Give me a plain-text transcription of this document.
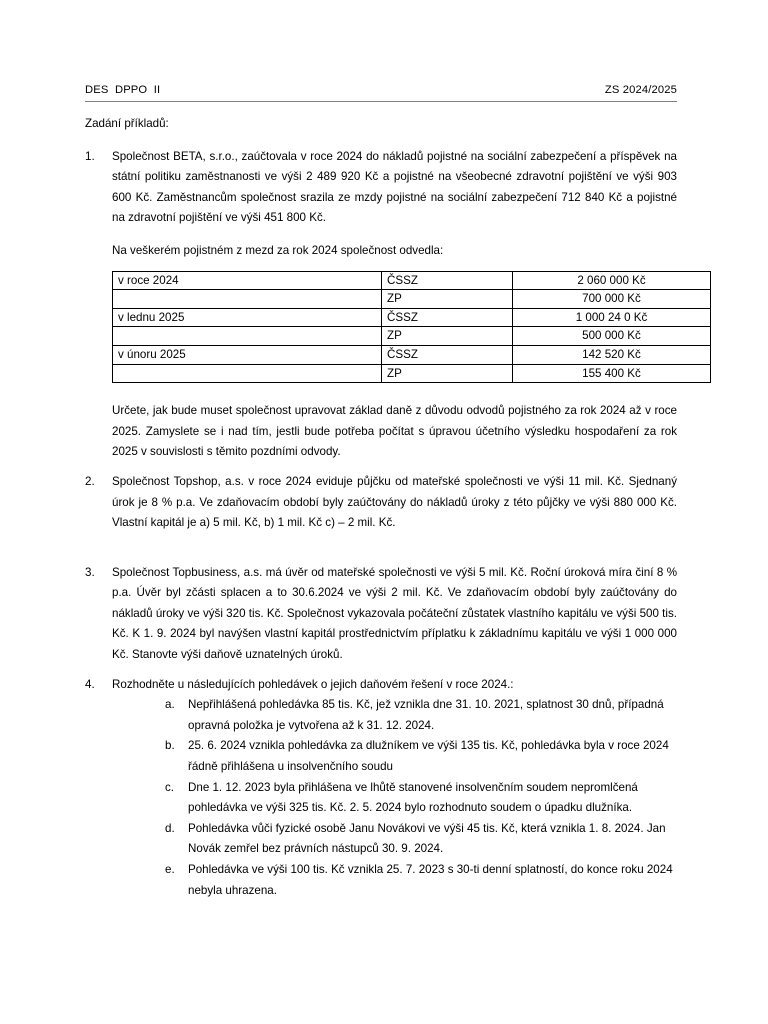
DES  DPPO  II	ZS 2024/2025

Zadání příkladů:

1.	Společnost BETA, s.r.o., zaúčtovala v roce 2024 do nákladů pojistné na sociální zabezpečení a příspěvek na státní politiku zaměstnanosti ve výši 2 489 920 Kč a pojistné na všeobecné zdravotní pojištění ve výši 903 600 Kč. Zaměstnancům společnost srazila ze mzdy pojistné na sociální zabezpečení 712 840 Kč a pojistné na zdravotní pojištění ve výši 451 800 Kč.
Na veškerém pojistném z mezd za rok 2024 společnost odvedla:
v roce 2024	ČSSZ	2 060 000 Kč
	ZP	700 000 Kč
v lednu 2025	ČSSZ	1 000 24 0 Kč
	ZP	500 000 Kč
v únoru 2025	ČSSZ	142 520 Kč
	ZP	155 400 Kč
Určete, jak bude muset společnost upravovat základ daně z důvodu odvodů pojistného za rok 2024 až v roce 2025. Zamyslete se i nad tím, jestli bude potřeba počítat s úpravou účetního výsledku hospodaření za rok 2025 v souvislosti s těmito pozdními odvody.
2.	Společnost Topshop, a.s. v roce 2024 eviduje půjčku od mateřské společnosti ve výši 11 mil. Kč. Sjednaný úrok je 8 % p.a. Ve zdaňovacím období byly zaúčtovány do nákladů úroky z této půjčky ve výši 880 000 Kč. Vlastní kapitál je a) 5 mil. Kč, b) 1 mil. Kč c) – 2 mil. Kč.
3.	Společnost Topbusiness, a.s. má úvěr od mateřské společnosti ve výši 5 mil. Kč. Roční úroková míra činí 8 % p.a. Úvěr byl zčásti splacen a to 30.6.2024 ve výši 2 mil. Kč. Ve zdaňovacím období byly zaúčtovány do nákladů úroky ve výši 320 tis. Kč. Společnost vykazovala počáteční zůstatek vlastního kapitálu ve výši 500 tis. Kč. K 1. 9. 2024 byl navýšen vlastní kapitál prostřednictvím příplatku k základnímu kapitálu ve výši 1 000 000 Kč. Stanovte výši daňově uznatelných úroků.
4.	Rozhodněte u následujících pohledávek o jejich daňovém řešení v roce 2024.:
a.	Nepřihlášená pohledávka 85 tis. Kč, jež vznikla dne 31. 10. 2021, splatnost 30 dnů, případná opravná položka je vytvořena až k 31. 12. 2024.
b.	25. 6. 2024 vznikla pohledávka za dlužníkem ve výši 135 tis. Kč, pohledávka byla v roce 2024 řádně přihlášena u insolvenčního soudu
c.	Dne 1. 12. 2023 byla přihlášena ve lhůtě stanovené insolvenčním soudem nepromlčená pohledávka ve výši 325 tis. Kč. 2. 5. 2024 bylo rozhodnuto soudem o úpadku dlužníka.
d.	Pohledávka vůči fyzické osobě Janu Novákovi ve výši 45 tis. Kč, která vznikla 1. 8. 2024. Jan Novák zemřel bez právních nástupců 30. 9. 2024.
e.	Pohledávka ve výši 100 tis. Kč vznikla 25. 7. 2023 s 30-ti denní splatností, do konce roku 2024 nebyla uhrazena.
